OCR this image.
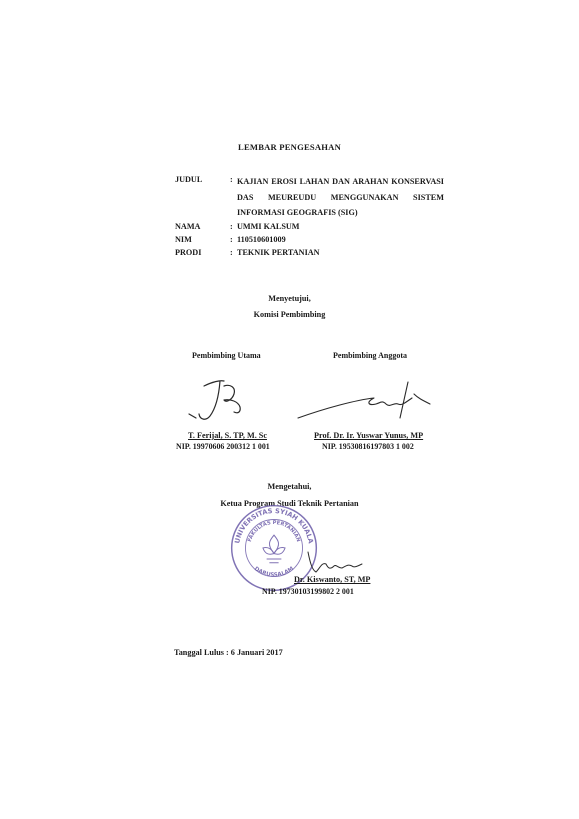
LEMBAR PENGESAHAN
JUDUL	: KAJIAN EROSI LAHAN DAN ARAHAN KONSERVASI
DAS MEUREUDU MENGGUNAKAN SISTEM
INFORMASI GEOGRAFIS (SIG)
NAMA	: UMMI KALSUM
NIM	: 110510601009
PRODI	: TEKNIK PERTANIAN
Menyetujui,
Komisi Pembimbing
Pembimbing Utama
T. Ferijal, S. TP, M. Sc
NIP. 19970606 200312 1 001
Pembimbing Anggota
Prof. Dr. Ir. Yuswar Yunus, MP
NIP. 19530816197803 1 002
Mengetahui,
Ketua Program Studi Teknik Pertanian
UNIVERSITAS SYIAH KUALA
FAKULTAS PERTANIAN
DARUSSALAM
Dr. Kiswanto, ST, MP
NIP. 19730103199802 2 001
Tanggal Lulus : 6 Januari 2017
